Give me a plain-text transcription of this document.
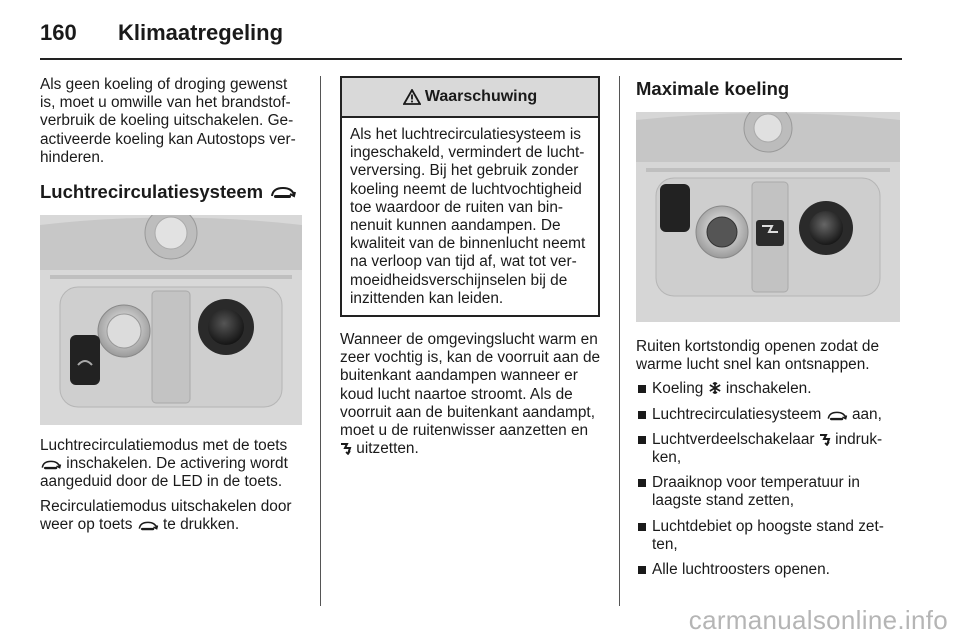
160 Klimaatregeling

Als geen koeling of droging gewenst is, moet u omwille van het brandstof-verbruik de koeling uitschakelen. Ge-activeerde koeling kan Autostops ver-hinderen.

Luchtrecirculatiesysteem

Luchtrecirculatiemodus met de toets  inschakelen. De activering wordt aangeduid door de LED in de toets.

Recirculatiemodus uitschakelen door weer op toets te drukken.

Waarschuwing
Als het luchtrecirculatiesysteem is ingeschakeld, vermindert de lucht-verversing. Bij het gebruik zonder koeling neemt de luchtvochtigheid toe waardoor de ruiten van bin-nenuit kunnen aandampen. De kwaliteit van de binnenlucht neemt na verloop van tijd af, wat tot ver-moeidheidsverschijnselen bij de inzittenden kan leiden.

Wanneer de omgevingslucht warm en zeer vochtig is, kan de voorruit aan de buitenkant aandampen wanneer er koud lucht naartoe stroomt. Als de voorruit aan de buitenkant aandampt, moet u de ruitenwisser aanzetten en  uitzetten.

Maximale koeling

Ruiten kortstondig openen zodat de warme lucht snel kan ontsnappen.

Koeling inschakelen.
Luchtrecirculatiesysteem aan,
Luchtverdeelschakelaar indruk-ken,
Draaiknop voor temperatuur in laagste stand zetten,
Luchtdebiet op hoogste stand zet-ten,
Alle luchtroosters openen.
carmanualsonline.info
